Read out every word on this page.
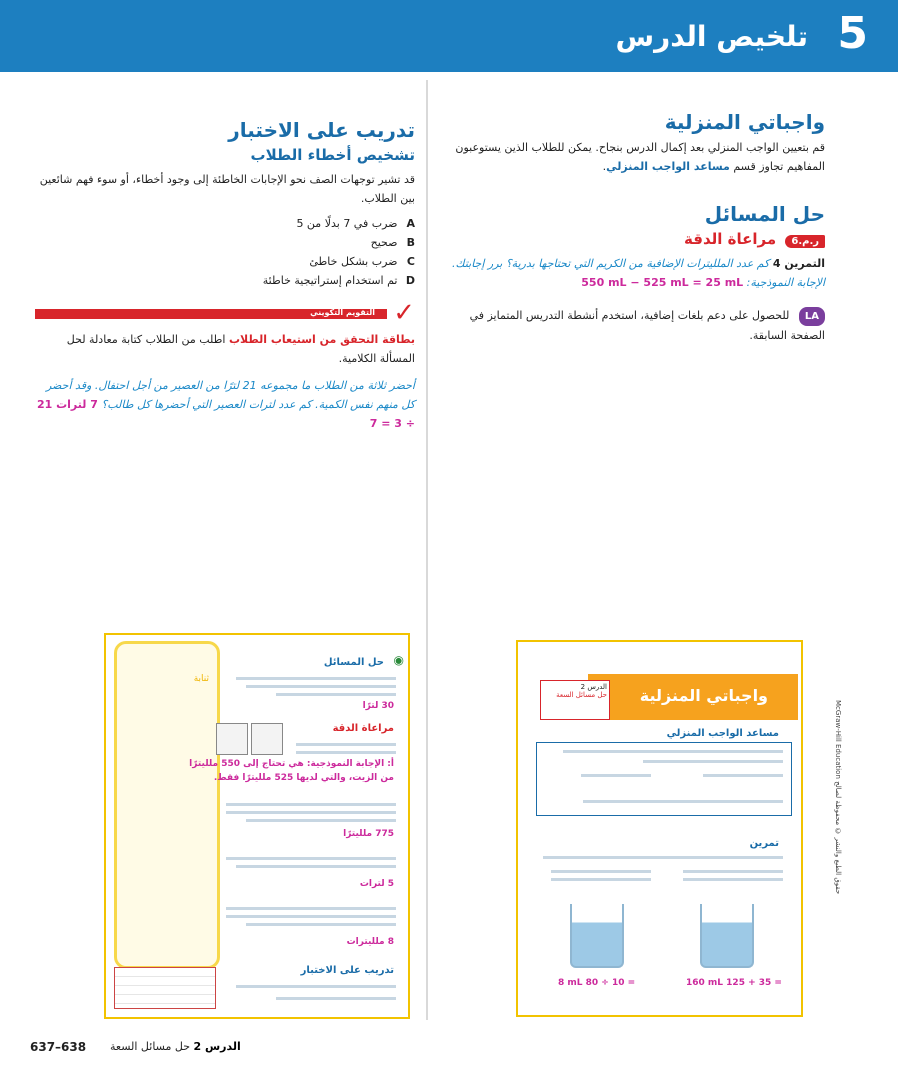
5
تلخيص الدرس
واجباتي المنزلية

قم بتعيين الواجب المنزلي بعد إكمال الدرس بنجاح. يمكن للطلاب الذين يستوعبون المفاهيم تجاوز قسم مساعد الواجب المنزلي.

حل المسائل
ر.م.6 مراعاة الدقة

التمرين 4 كم عدد الملليترات الإضافية من الكريم التي تحتاجها بدرية؟ برر إجابتك.

الإجابة النموذجية: 550 mL − 525 mL = 25 mL

LA للحصول على دعم بلغات إضافية، استخدم أنشطة التدريس المتمايز في الصفحة السابقة.

تدريب على الاختبار
تشخيص أخطاء الطلاب

قد تشير توجهات الصف نحو الإجابات الخاطئة إلى وجود أخطاء، أو سوء فهم شائعين بين الطلاب.

A ضرب في 7 بدلًا من 5
B صحيح
C ضرب بشكل خاطئ
D تم استخدام إستراتيجية خاطئة
التقويم التكويني ✓

بطاقة التحقق من استيعاب الطلاب اطلب من الطلاب كتابة معادلة لحل المسألة الكلامية.

أحضر ثلاثة من الطلاب ما مجموعه 21 لترًا من العصير من أجل احتفال. وقد أحضر كل منهم نفس الكمية. كم عدد لترات العصير التي أحضرها كل طالب؟ 7 لترات 21 ÷ 3 = 7

ثنابة
حل المسائل ◉
30 لترًا
مراعاة الدقة
أ: الإجابة النموذجية: هي تحتاج إلى 550 ملليترًا
من الزيت، والتي لديها 525 ملليترًا فقط.
775 ملليترًا
5 لترات
8 ملليترات
تدريب على الاختبار
واجباتي المنزلية
الدرس 2
حل مسائل السعة
مساعد الواجب المنزلي
تمرين
8 mL 80 ÷ 10 =	160 mL 125 + 35 =
McGraw-Hill Education حقوق الطبع والنشر © محفوظة لصالح
637–638	الدرس 2 حل مسائل السعة
